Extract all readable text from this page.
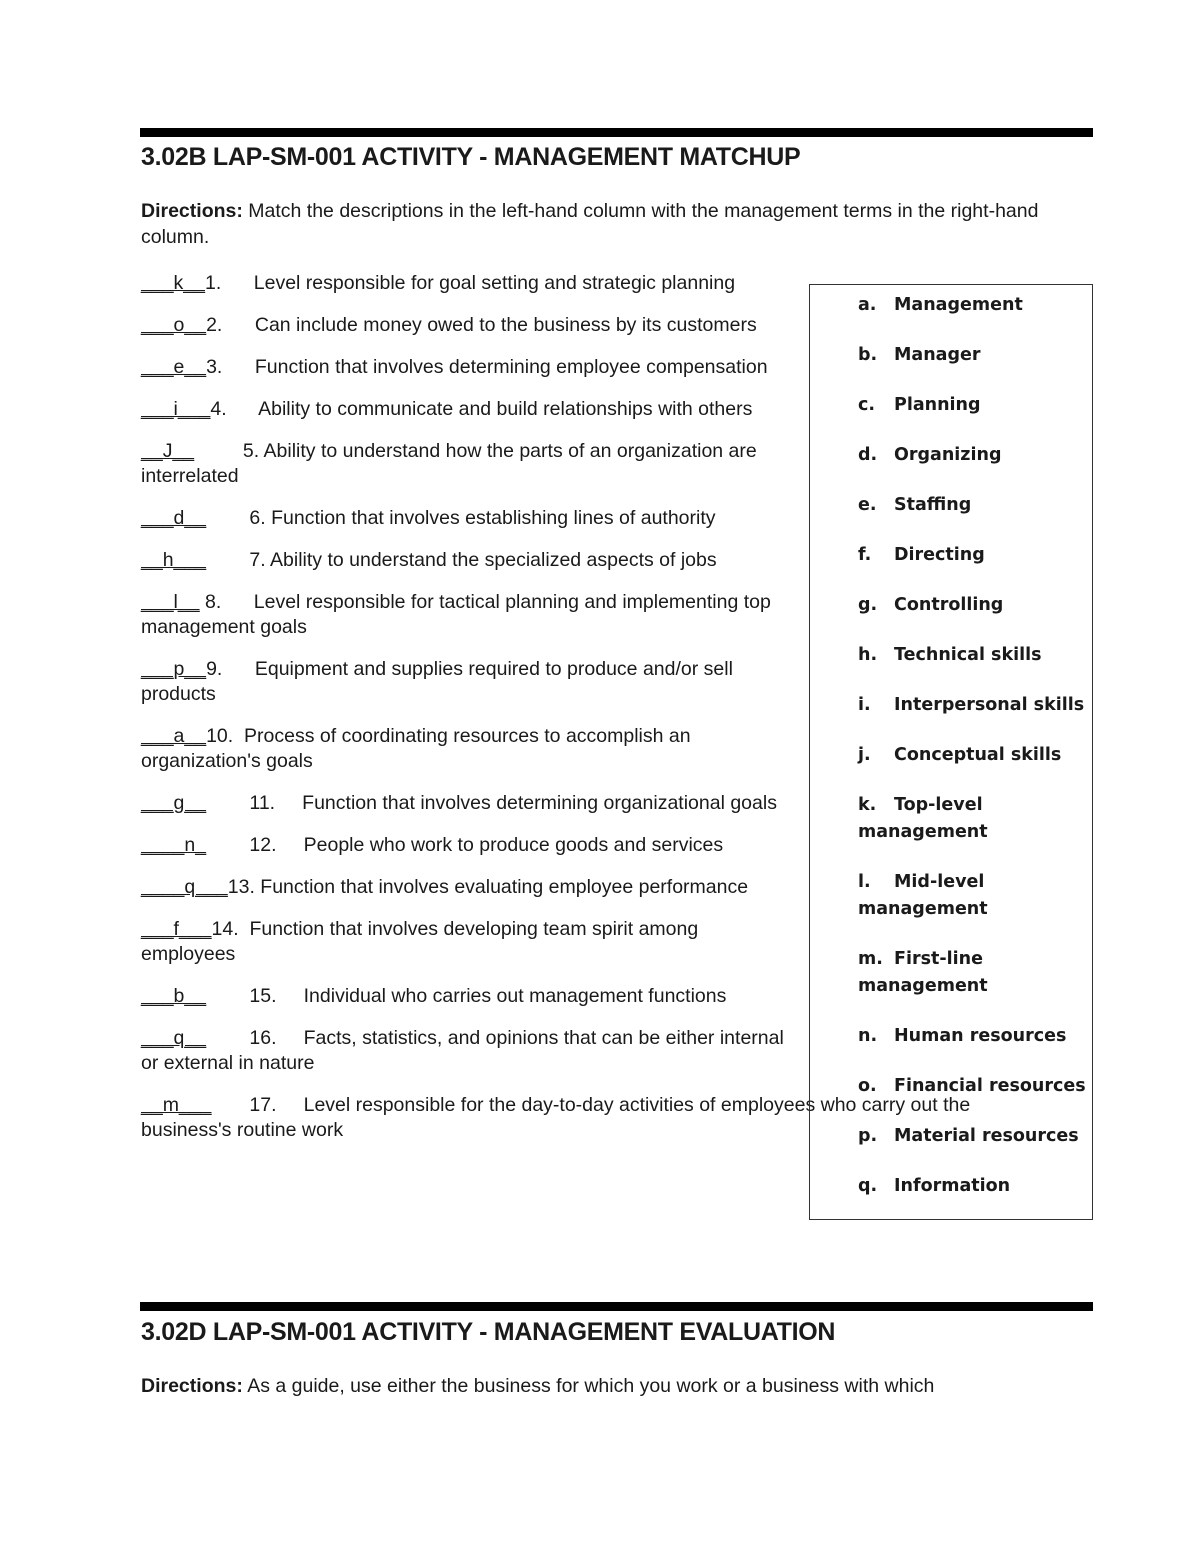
3.02B LAP-SM-001 ACTIVITY - MANAGEMENT MATCHUP
Directions: Match the descriptions in the left-hand column with the management terms in the right-hand column.

___k__1.      Level responsible for goal setting and strategic planning

___o__2.      Can include money owed to the business by its customers

___e__3.      Function that involves determining employee compensation

___i___4.      Ability to communicate and build relationships with others

__J__         5. Ability to understand how the parts of an organization are interrelated

___d__        6. Function that involves establishing lines of authority

__h___        7. Ability to understand the specialized aspects of jobs

___l__ 8.      Level responsible for tactical planning and implementing top management goals

___p__9.      Equipment and supplies required to produce and/or sell products

___a__10.  Process of coordinating resources to accomplish an organization's goals

___g__        11.     Function that involves determining organizational goals

____n_        12.     People who work to produce goods and services

____q___13. Function that involves evaluating employee performance

___f___14.  Function that involves developing team spirit among employees

___b__        15.     Individual who carries out management functions

___q__        16.     Facts, statistics, and opinions that can be either internal or external in nature

__m___       17.     Level responsible for the day-to-day activities of employees who carry out the business's routine work

a. Management
b. Manager
c. Planning
d. Organizing
e. Staffing
f. Directing
g. Controlling
h. Technical skills
i. Interpersonal skills
j. Conceptual skills
k. Top-level management
l. Mid-level management
m. First-line management
n. Human resources
o. Financial resources
p. Material resources
q. Information
3.02D LAP-SM-001 ACTIVITY - MANAGEMENT EVALUATION
Directions: As a guide, use either the business for which you work or a business with which
